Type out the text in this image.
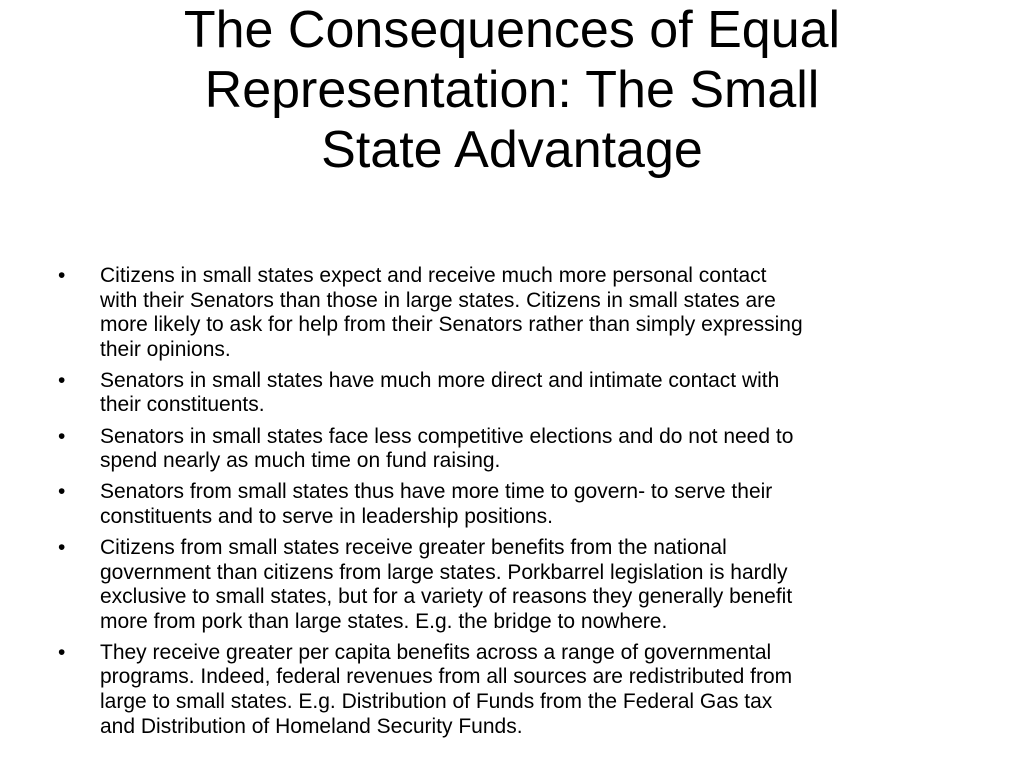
The Consequences of Equal
Representation: The Small
State Advantage
•	Citizens in small states expect and receive much more personal contact
with their Senators than those in large states. Citizens in small states are
more likely to ask for help from their Senators rather than simply expressing
their opinions.
•	Senators in small states have much more direct and intimate contact with
their constituents.
•	Senators in small states face less competitive elections and do not need to
spend nearly as much time on fund raising.
•	Senators from small states thus have more time to govern- to serve their
constituents and to serve in leadership positions.
•	Citizens from small states receive greater benefits from the national
government than citizens from large states. Porkbarrel legislation is hardly
exclusive to small states, but for a variety of reasons they generally benefit
more from pork than large states. E.g. the bridge to nowhere.
•	They receive greater per capita benefits across a range of governmental
programs. Indeed, federal revenues from all sources are redistributed from
large to small states. E.g. Distribution of Funds from the Federal Gas tax
and Distribution of Homeland Security Funds.
